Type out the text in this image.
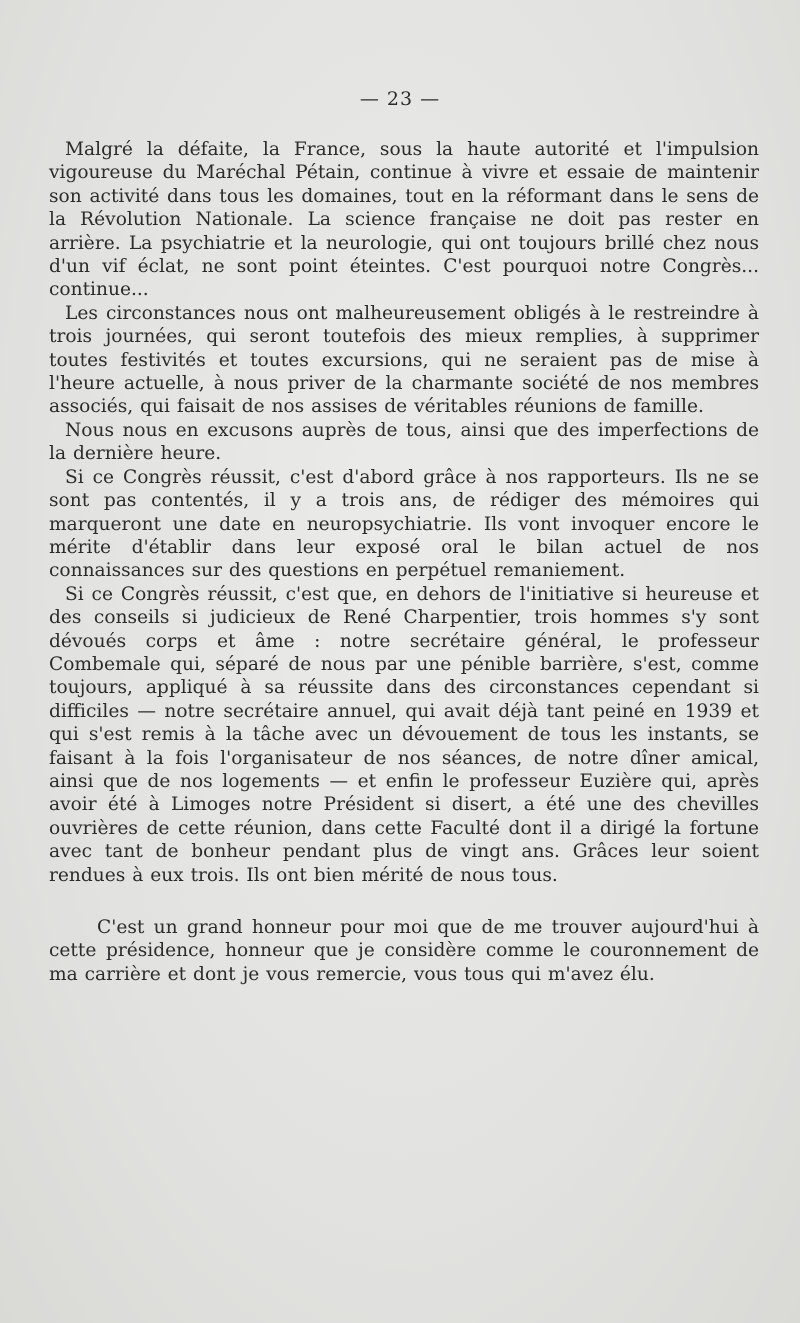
— 23 —

Malgré la défaite, la France, sous la haute autorité et l'impulsion vigoureuse du Maréchal Pétain, continue à vivre et essaie de maintenir son activité dans tous les domaines, tout en la réformant dans le sens de la Révolution Nationale. La science française ne doit pas rester en arrière. La psychiatrie et la neurologie, qui ont toujours brillé chez nous d'un vif éclat, ne sont point éteintes. C'est pourquoi notre Congrès... continue...

Les circonstances nous ont malheureusement obligés à le restreindre à trois journées, qui seront toutefois des mieux remplies, à supprimer toutes festivités et toutes excursions, qui ne seraient pas de mise à l'heure actuelle, à nous priver de la charmante société de nos membres associés, qui faisait de nos assises de véritables réunions de famille.

Nous nous en excusons auprès de tous, ainsi que des imperfections de la dernière heure.

Si ce Congrès réussit, c'est d'abord grâce à nos rapporteurs. Ils ne se sont pas contentés, il y a trois ans, de rédiger des mémoires qui marqueront une date en neuropsychiatrie. Ils vont invoquer encore le mérite d'établir dans leur exposé oral le bilan actuel de nos connaissances sur des questions en perpétuel remaniement.

Si ce Congrès réussit, c'est que, en dehors de l'initiative si heureuse et des conseils si judicieux de René Charpentier, trois hommes s'y sont dévoués corps et âme : notre secrétaire général, le professeur Combemale qui, séparé de nous par une pénible barrière, s'est, comme toujours, appliqué à sa réussite dans des circonstances cependant si difficiles — notre secrétaire annuel, qui avait déjà tant peiné en 1939 et qui s'est remis à la tâche avec un dévouement de tous les instants, se faisant à la fois l'organisateur de nos séances, de notre dîner amical, ainsi que de nos logements — et enfin le professeur Euzière qui, après avoir été à Limoges notre Président si disert, a été une des chevilles ouvrières de cette réunion, dans cette Faculté dont il a dirigé la fortune avec tant de bonheur pendant plus de vingt ans. Grâces leur soient rendues à eux trois. Ils ont bien mérité de nous tous.

C'est un grand honneur pour moi que de me trouver aujourd'hui à cette présidence, honneur que je considère comme le couronnement de ma carrière et dont je vous remercie, vous tous qui m'avez élu.
